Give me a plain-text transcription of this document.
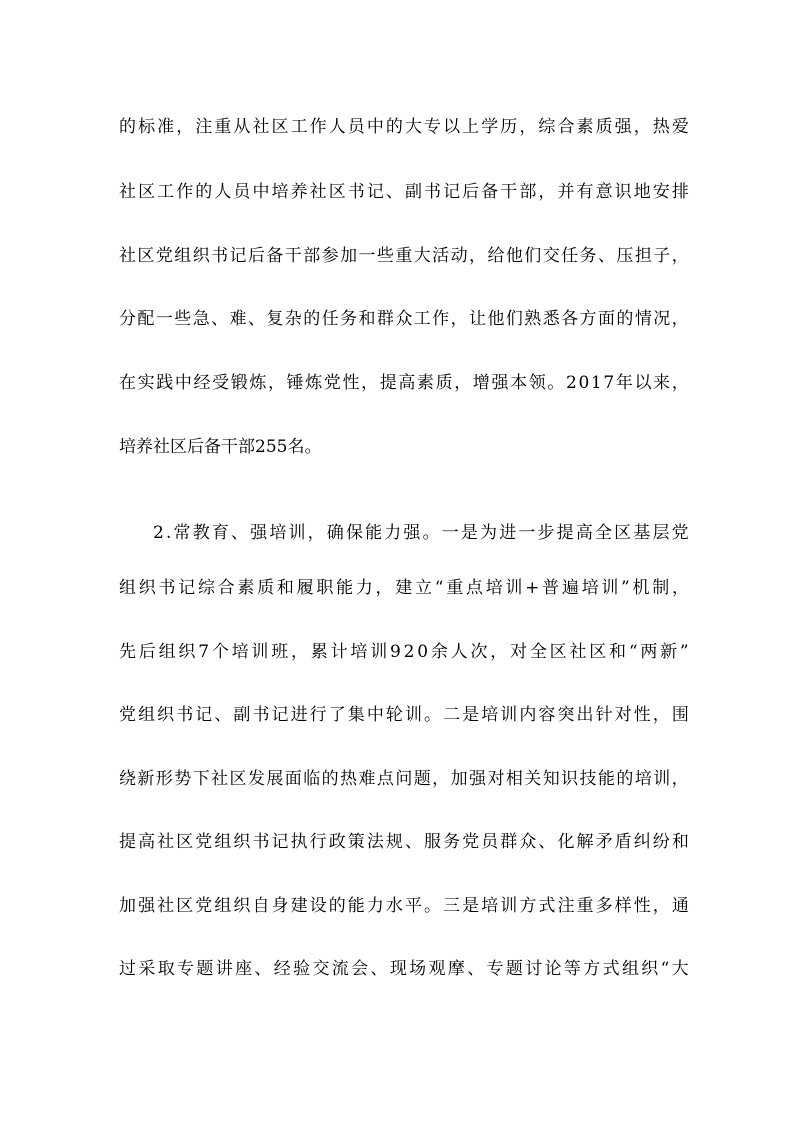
的 标 准 ， 注 重 从 社 区 工 作 人 员 中 的 大 专 以 上 学 历 ， 综 合 素 质 强 ， 热 爱
社 区 工 作 的 人 员 中 培 养 社 区 书 记 、 副 书 记 后 备 干 部 ， 并 有 意 识 地 安 排
社 区 党 组 织 书 记 后 备 干 部 参 加 一 些 重 大 活 动 ， 给 他 们 交 任 务 、 压 担 子 ，
分 配 一 些 急 、 难 、 复 杂 的 任 务 和 群 众 工 作 ， 让 他 们 熟 悉 各 方 面 的 情 况 ，
在 实 践 中 经 受 锻 炼 ， 锤 炼 党 性 ， 提 高 素 质 ， 增 强 本 领 。 2 0 1 7 年 以 来 ，
培养社区后备干部255名。
2 . 常 教 育 、 强 培 训 ， 确 保 能 力 强 。 一 是 为 进 一 步 提 高 全 区 基 层 党
组 织 书 记 综 合 素 质 和 履 职 能 力 ， 建 立 “ 重 点 培 训 + 普 遍 培 训 ” 机 制 ，
先 后 组 织 7 个 培 训 班 ， 累 计 培 训 9 2 0 余 人 次 ， 对 全 区 社 区 和 “ 两 新 ”
党 组 织 书 记 、 副 书 记 进 行 了 集 中 轮 训 。 二 是 培 训 内 容 突 出 针 对 性 ， 围
绕 新 形 势 下 社 区 发 展 面 临 的 热 难 点 问 题 ， 加 强 对 相 关 知 识 技 能 的 培 训 ，
提 高 社 区 党 组 织 书 记 执 行 政 策 法 规 、 服 务 党 员 群 众 、 化 解 矛 盾 纠 纷 和
加 强 社 区 党 组 织 自 身 建 设 的 能 力 水 平 。 三 是 培 训 方 式 注 重 多 样 性 ， 通
过 采 取 专 题 讲 座 、 经 验 交 流 会 、 现 场 观 摩 、 专 题 讨 论 等 方 式 组 织 “ 大
